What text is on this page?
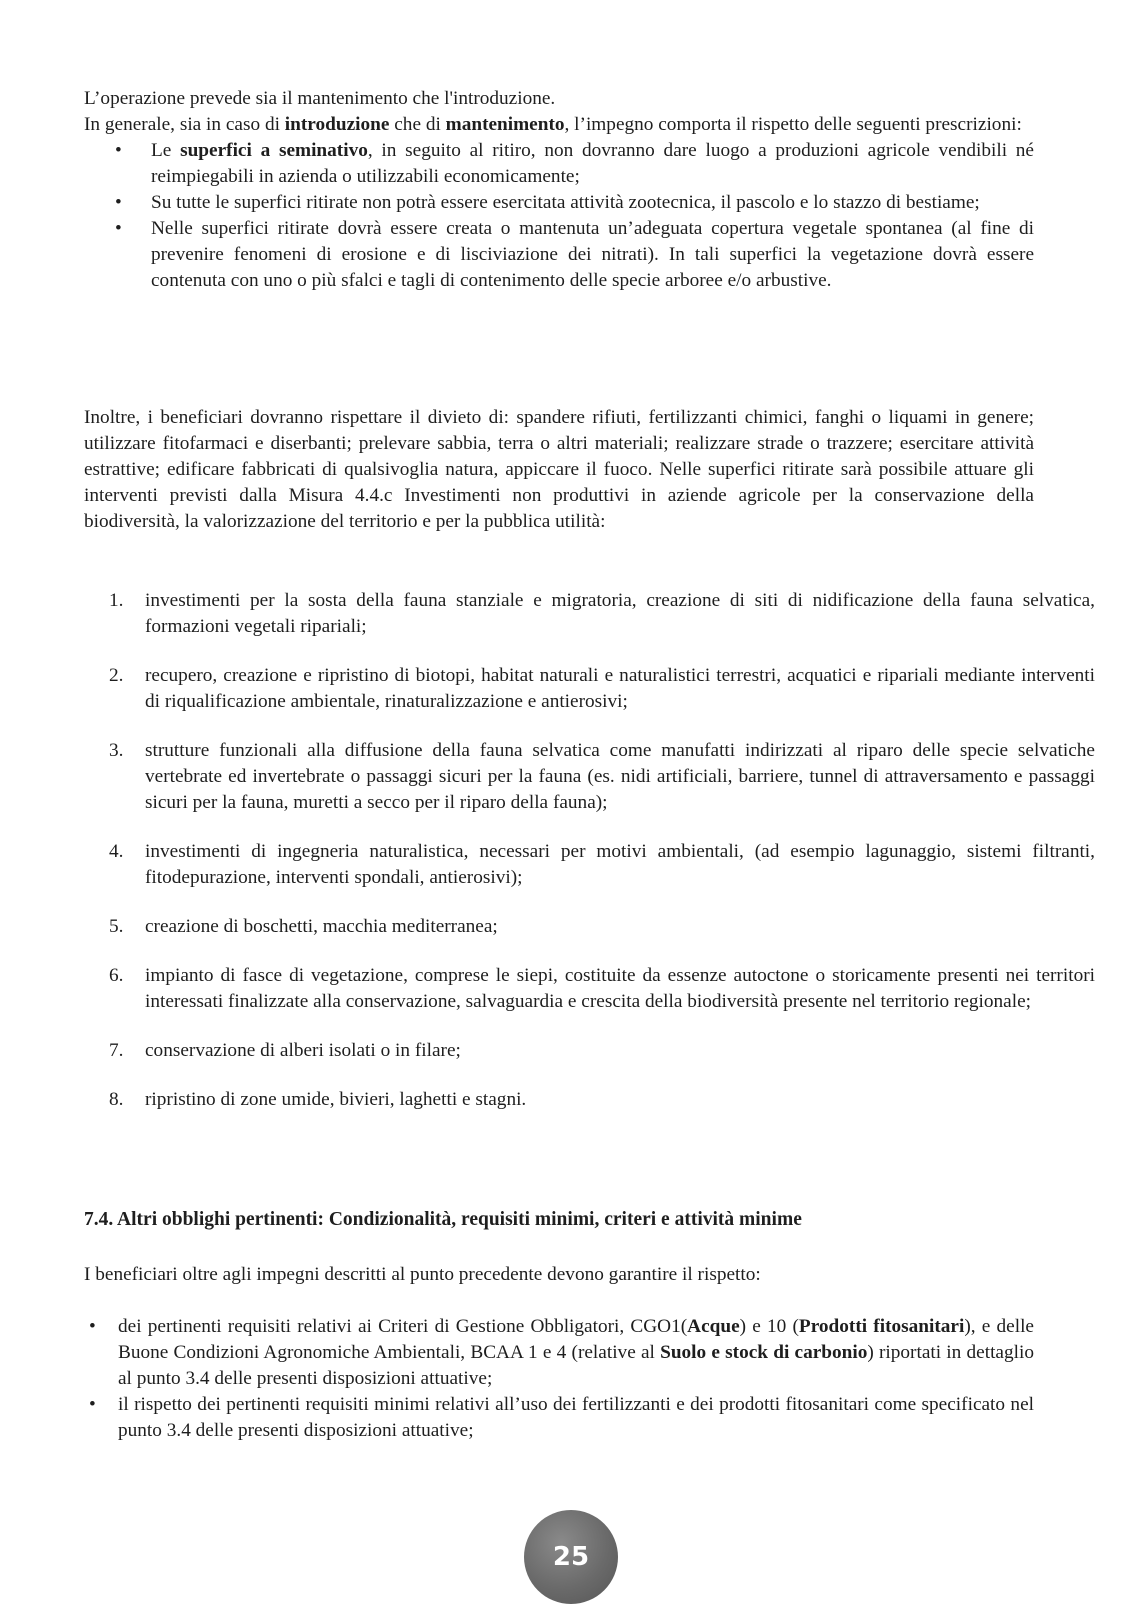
L’operazione prevede sia il mantenimento che l'introduzione.

In generale, sia in caso di introduzione che di mantenimento, l’impegno comporta il rispetto delle seguenti prescrizioni:

• Le superfici a seminativo, in seguito al ritiro, non dovranno dare luogo a produzioni agricole vendibili né reimpiegabili in azienda o utilizzabili economicamente;
• Su tutte le superfici ritirate non potrà essere esercitata attività zootecnica, il pascolo e lo stazzo di bestiame;
• Nelle superfici ritirate dovrà essere creata o mantenuta un’adeguata copertura vegetale spontanea (al fine di prevenire fenomeni di erosione e di lisciviazione dei nitrati). In tali superfici la vegetazione dovrà essere contenuta con uno o più sfalci e tagli di contenimento delle specie arboree e/o arbustive.

Inoltre, i beneficiari dovranno rispettare il divieto di: spandere rifiuti, fertilizzanti chimici, fanghi o liquami in genere; utilizzare fitofarmaci e diserbanti; prelevare sabbia, terra o altri materiali; realizzare strade o trazzere; esercitare attività estrattive; edificare fabbricati di qualsivoglia natura, appiccare il fuoco. Nelle superfici ritirate sarà possibile attuare gli interventi previsti dalla Misura 4.4.c Investimenti non produttivi in aziende agricole per la conservazione della biodiversità, la valorizzazione del territorio e per la pubblica utilità:

1. investimenti per la sosta della fauna stanziale e migratoria, creazione di siti di nidificazione della fauna selvatica, formazioni vegetali ripariali;
2. recupero, creazione e ripristino di biotopi, habitat naturali e naturalistici terrestri, acquatici e ripariali mediante interventi di riqualificazione ambientale, rinaturalizzazione e antierosivi;
3. strutture funzionali alla diffusione della fauna selvatica come manufatti indirizzati al riparo delle specie selvatiche vertebrate ed invertebrate o passaggi sicuri per la fauna (es. nidi artificiali, barriere, tunnel di attraversamento e passaggi sicuri per la fauna, muretti a secco per il riparo della fauna);
4. investimenti di ingegneria naturalistica, necessari per motivi ambientali, (ad esempio lagunaggio, sistemi filtranti, fitodepurazione, interventi spondali, antierosivi);
5. creazione di boschetti, macchia mediterranea;
6. impianto di fasce di vegetazione, comprese le siepi, costituite da essenze autoctone o storicamente presenti nei territori interessati finalizzate alla conservazione, salvaguardia e crescita della biodiversità presente nel territorio regionale;
7. conservazione di alberi isolati o in filare;
8. ripristino di zone umide, bivieri, laghetti e stagni.
7.4. Altri obblighi pertinenti: Condizionalità, requisiti minimi, criteri e attività minime

I beneficiari oltre agli impegni descritti al punto precedente devono garantire il rispetto:

• dei pertinenti requisiti relativi ai Criteri di Gestione Obbligatori, CGO1(Acque) e 10 (Prodotti fitosanitari), e delle Buone Condizioni Agronomiche Ambientali, BCAA 1 e 4 (relative al Suolo e stock di carbonio) riportati in dettaglio al punto 3.4 delle presenti disposizioni attuative;
• il rispetto dei pertinenti requisiti minimi relativi all’uso dei fertilizzanti e dei prodotti fitosanitari come specificato nel punto 3.4 delle presenti disposizioni attuative;
25
